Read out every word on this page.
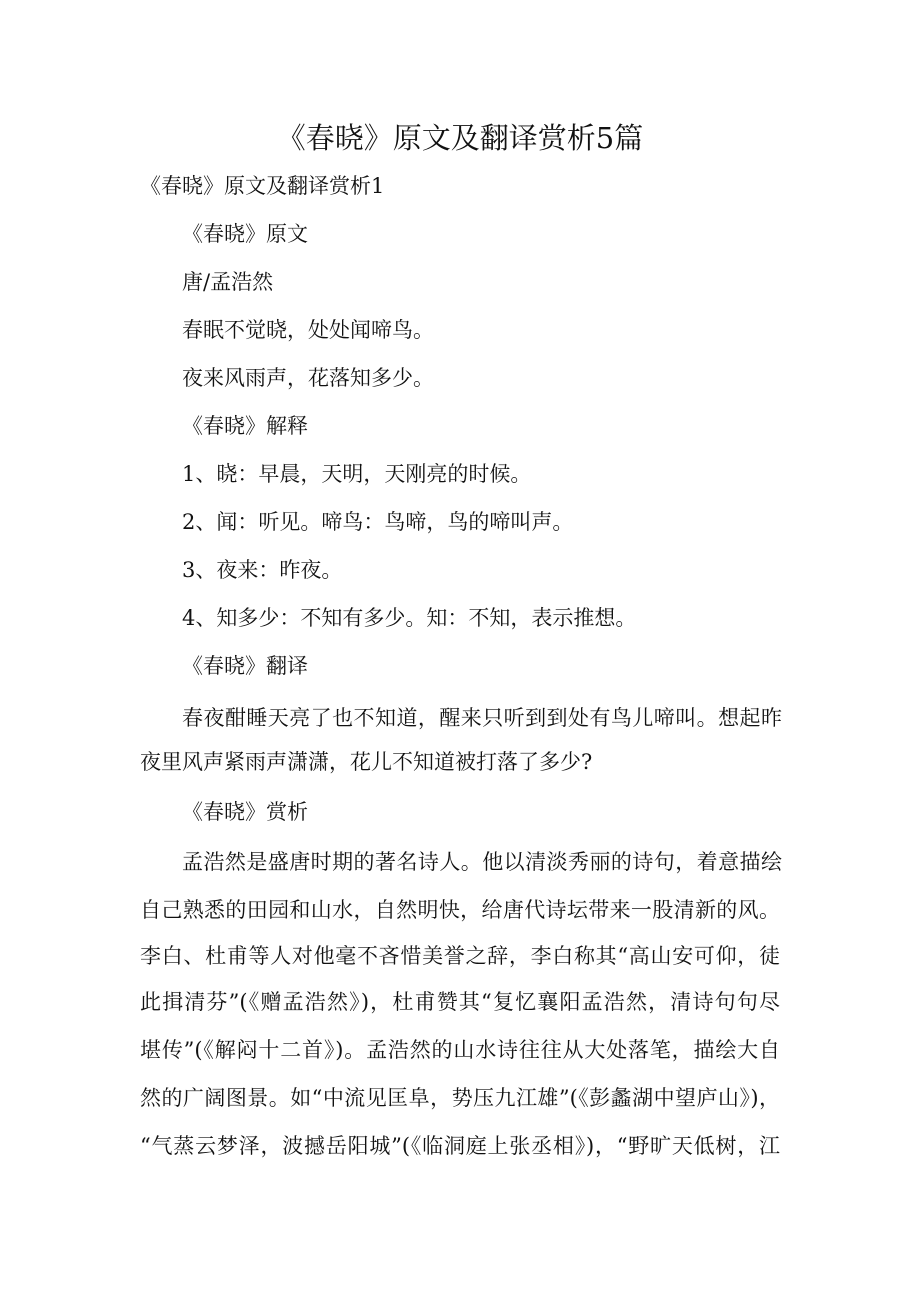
《春晓》原文及翻译赏析5篇
《春晓》原文及翻译赏析1
《春晓》原文
唐/孟浩然
春眠不觉晓，处处闻啼鸟。
夜来风雨声，花落知多少。
《春晓》解释
1、晓：早晨，天明，天刚亮的时候。
2、闻：听见。啼鸟：鸟啼，鸟的啼叫声。
3、夜来：昨夜。
4、知多少：不知有多少。知：不知，表示推想。
《春晓》翻译
春夜酣睡天亮了也不知道，醒来只听到到处有鸟儿啼叫。想起昨
夜里风声紧雨声潇潇，花儿不知道被打落了多少?
《春晓》赏析
孟浩然是盛唐时期的著名诗人。他以清淡秀丽的诗句，着意描绘
自己熟悉的田园和山水，自然明快，给唐代诗坛带来一股清新的风。
李白、杜甫等人对他毫不吝惜美誉之辞，李白称其“高山安可仰，徒
此揖清芬”(《赠孟浩然》)，杜甫赞其“复忆襄阳孟浩然，清诗句句尽
堪传”(《解闷十二首》)。孟浩然的山水诗往往从大处落笔，描绘大自
然的广阔图景。如“中流见匡阜，势压九江雄”(《彭蠡湖中望庐山》)，
“气蒸云梦泽，波撼岳阳城”(《临洞庭上张丞相》)，“野旷天低树，江
